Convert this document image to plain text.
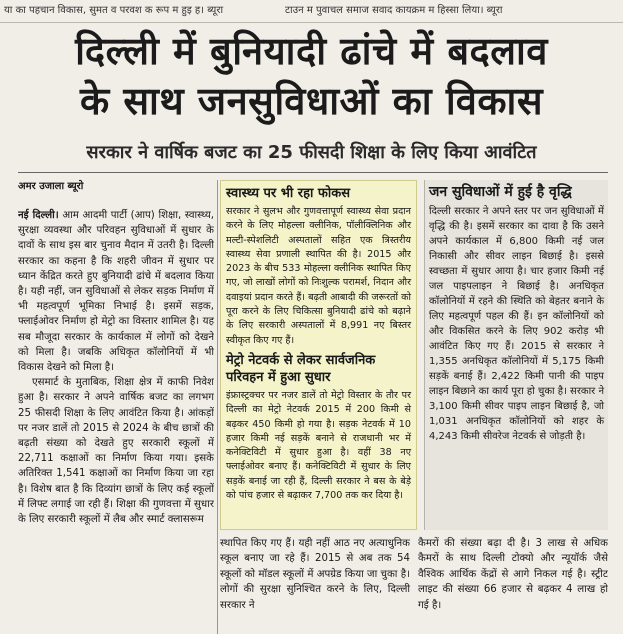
या का पहचान विकास, सुमत व परवश क रूप म हुइ ह। ब्यूरा	टाउन म पुवाचल समाज सवाद कायक्रम म हिस्सा लिया। ब्यूरा
दिल्ली में बुनियादी ढांचे में बदलाव
के साथ जनसुविधाओं का विकास
सरकार ने वार्षिक बजट का 25 फीसदी शिक्षा के लिए किया आवंटित
अमर उजाला ब्यूरो

नई दिल्ली। आम आदमी पार्टी (आप) शिक्षा, स्वास्थ्य, सुरक्षा व्यवस्था और परिवहन सुविधाओं में सुधार के दावों के साथ इस बार चुनाव मैदान में उतरी है। दिल्ली सरकार का कहना है कि शहरी जीवन में सुधार पर ध्यान केंद्रित करते हुए बुनियादी ढांचे में बदलाव किया है। यही नहीं, जन सुविधाओं से लेकर सड़क निर्माण में भी महत्वपूर्ण भूमिका निभाई है। इसमें सड़क, फ्लाईओवर निर्माण हो मेट्रो का विस्तार शामिल है। यह सब मौजूदा सरकार के कार्यकाल में लोगों को देखने को मिला है। जबकि अधिकृत कॉलोनियों में भी विकास देखने को मिला है।

एसमार्ट के मुताबिक, शिक्षा क्षेत्र में काफी निवेश हुआ है। सरकार ने अपने वार्षिक बजट का लगभग 25 फीसदी शिक्षा के लिए आवंटित किया है। आंकड़ों पर नजर डालें तो 2015 से 2024 के बीच छात्रों की बढ़ती संख्या को देखते हुए सरकारी स्कूलों में 22,711 कक्षाओं का निर्माण किया गया। इसके अतिरिक्त 1,541 कक्षाओं का निर्माण किया जा रहा है। विशेष बात है कि दिव्यांग छात्रों के लिए कई स्कूलों में लिफ्ट लगाई जा रही हैं। शिक्षा की गुणवत्ता में सुधार के लिए सरकारी स्कूलों में लैब और स्मार्ट क्लासरूम

स्वास्थ्य पर भी रहा फोकस

सरकार ने सुलभ और गुणवत्तापूर्ण स्वास्थ्य सेवा प्रदान करने के लिए मोहल्ला क्लीनिक, पॉलीक्लिनिक और मल्टी-स्पेशलिटी अस्पतालों सहित एक त्रिस्तरीय स्वास्थ्य सेवा प्रणाली स्थापित की है। 2015 और 2023 के बीच 533 मोहल्ला क्लीनिक स्थापित किए गए, जो लाखों लोगों को निःशुल्क परामर्श, निदान और दवाइयां प्रदान करते हैं। बढ़ती आबादी की जरूरतों को पूरा करने के लिए चिकित्सा बुनियादी ढांचे को बढ़ाने के लिए सरकारी अस्पतालों में 8,991 नए बिस्तर स्वीकृत किए गए हैं।

मेट्रो नेटवर्क से लेकर सार्वजनिक परिवहन में हुआ सुधार

इंफ्रास्ट्रक्चर पर नजर डालें तो मेट्रो विस्तार के तौर पर दिल्ली का मेट्रो नेटवर्क 2015 में 200 किमी से बढ़कर 450 किमी हो गया है। सड़क नेटवर्क में 10 हजार किमी नई सड़कें बनाने से राजधानी भर में कनेक्टिविटी में सुधार हुआ है। वहीं 38 नए फ्लाईओवर बनाए हैं। कनेक्टिविटी में सुधार के लिए सड़कें बनाई जा रही हैं, दिल्ली सरकार ने बस के बेड़े को पांच हजार से बढ़ाकर 7,700 तक कर दिया है।

जन सुविधाओं में हुई है वृद्धि

दिल्ली सरकार ने अपने स्तर पर जन सुविधाओं में वृद्धि की है। इसमें सरकार का दावा है कि उसने अपने कार्यकाल में 6,800 किमी नई जल निकासी और सीवर लाइन बिछाई है। इससे स्वच्छता में सुधार आया है। चार हजार किमी नई जल पाइपलाइन ने बिछाई है। अनधिकृत कॉलोनियों में रहने की स्थिति को बेहतर बनाने के लिए महत्वपूर्ण पहल की हैं। इन कॉलोनियों को और विकसित करने के लिए 902 करोड़ भी आवंटित किए गए हैं। 2015 से सरकार ने 1,355 अनधिकृत कॉलोनियों में 5,175 किमी सड़कें बनाई हैं। 2,422 किमी पानी की पाइप लाइन बिछाने का कार्य पूरा हो चुका है। सरकार ने 3,100 किमी सीवर पाइप लाइन बिछाई है, जो 1,031 अनधिकृत कॉलोनियों को शहर के 4,243 किमी सीवरेज नेटवर्क से जोड़ती है।

स्थापित किए गए हैं। यही नहीं आठ नए अत्याधुनिक स्कूल बनाए जा रहे हैं। 2015 से अब तक 54 स्कूलों को मॉडल स्कूलों में अपग्रेड किया जा चुका है। लोगों की सुरक्षा सुनिश्चित करने के लिए, दिल्ली सरकार ने

कैमरों की संख्या बढ़ा दी है। 3 लाख से अधिक कैमरों के साथ दिल्ली टोक्यो और न्यूयॉर्क जैसे वैश्विक आर्थिक केंद्रों से आगे निकल गई है। स्ट्रीट लाइट की संख्या 66 हजार से बढ़कर 4 लाख हो गई है।
